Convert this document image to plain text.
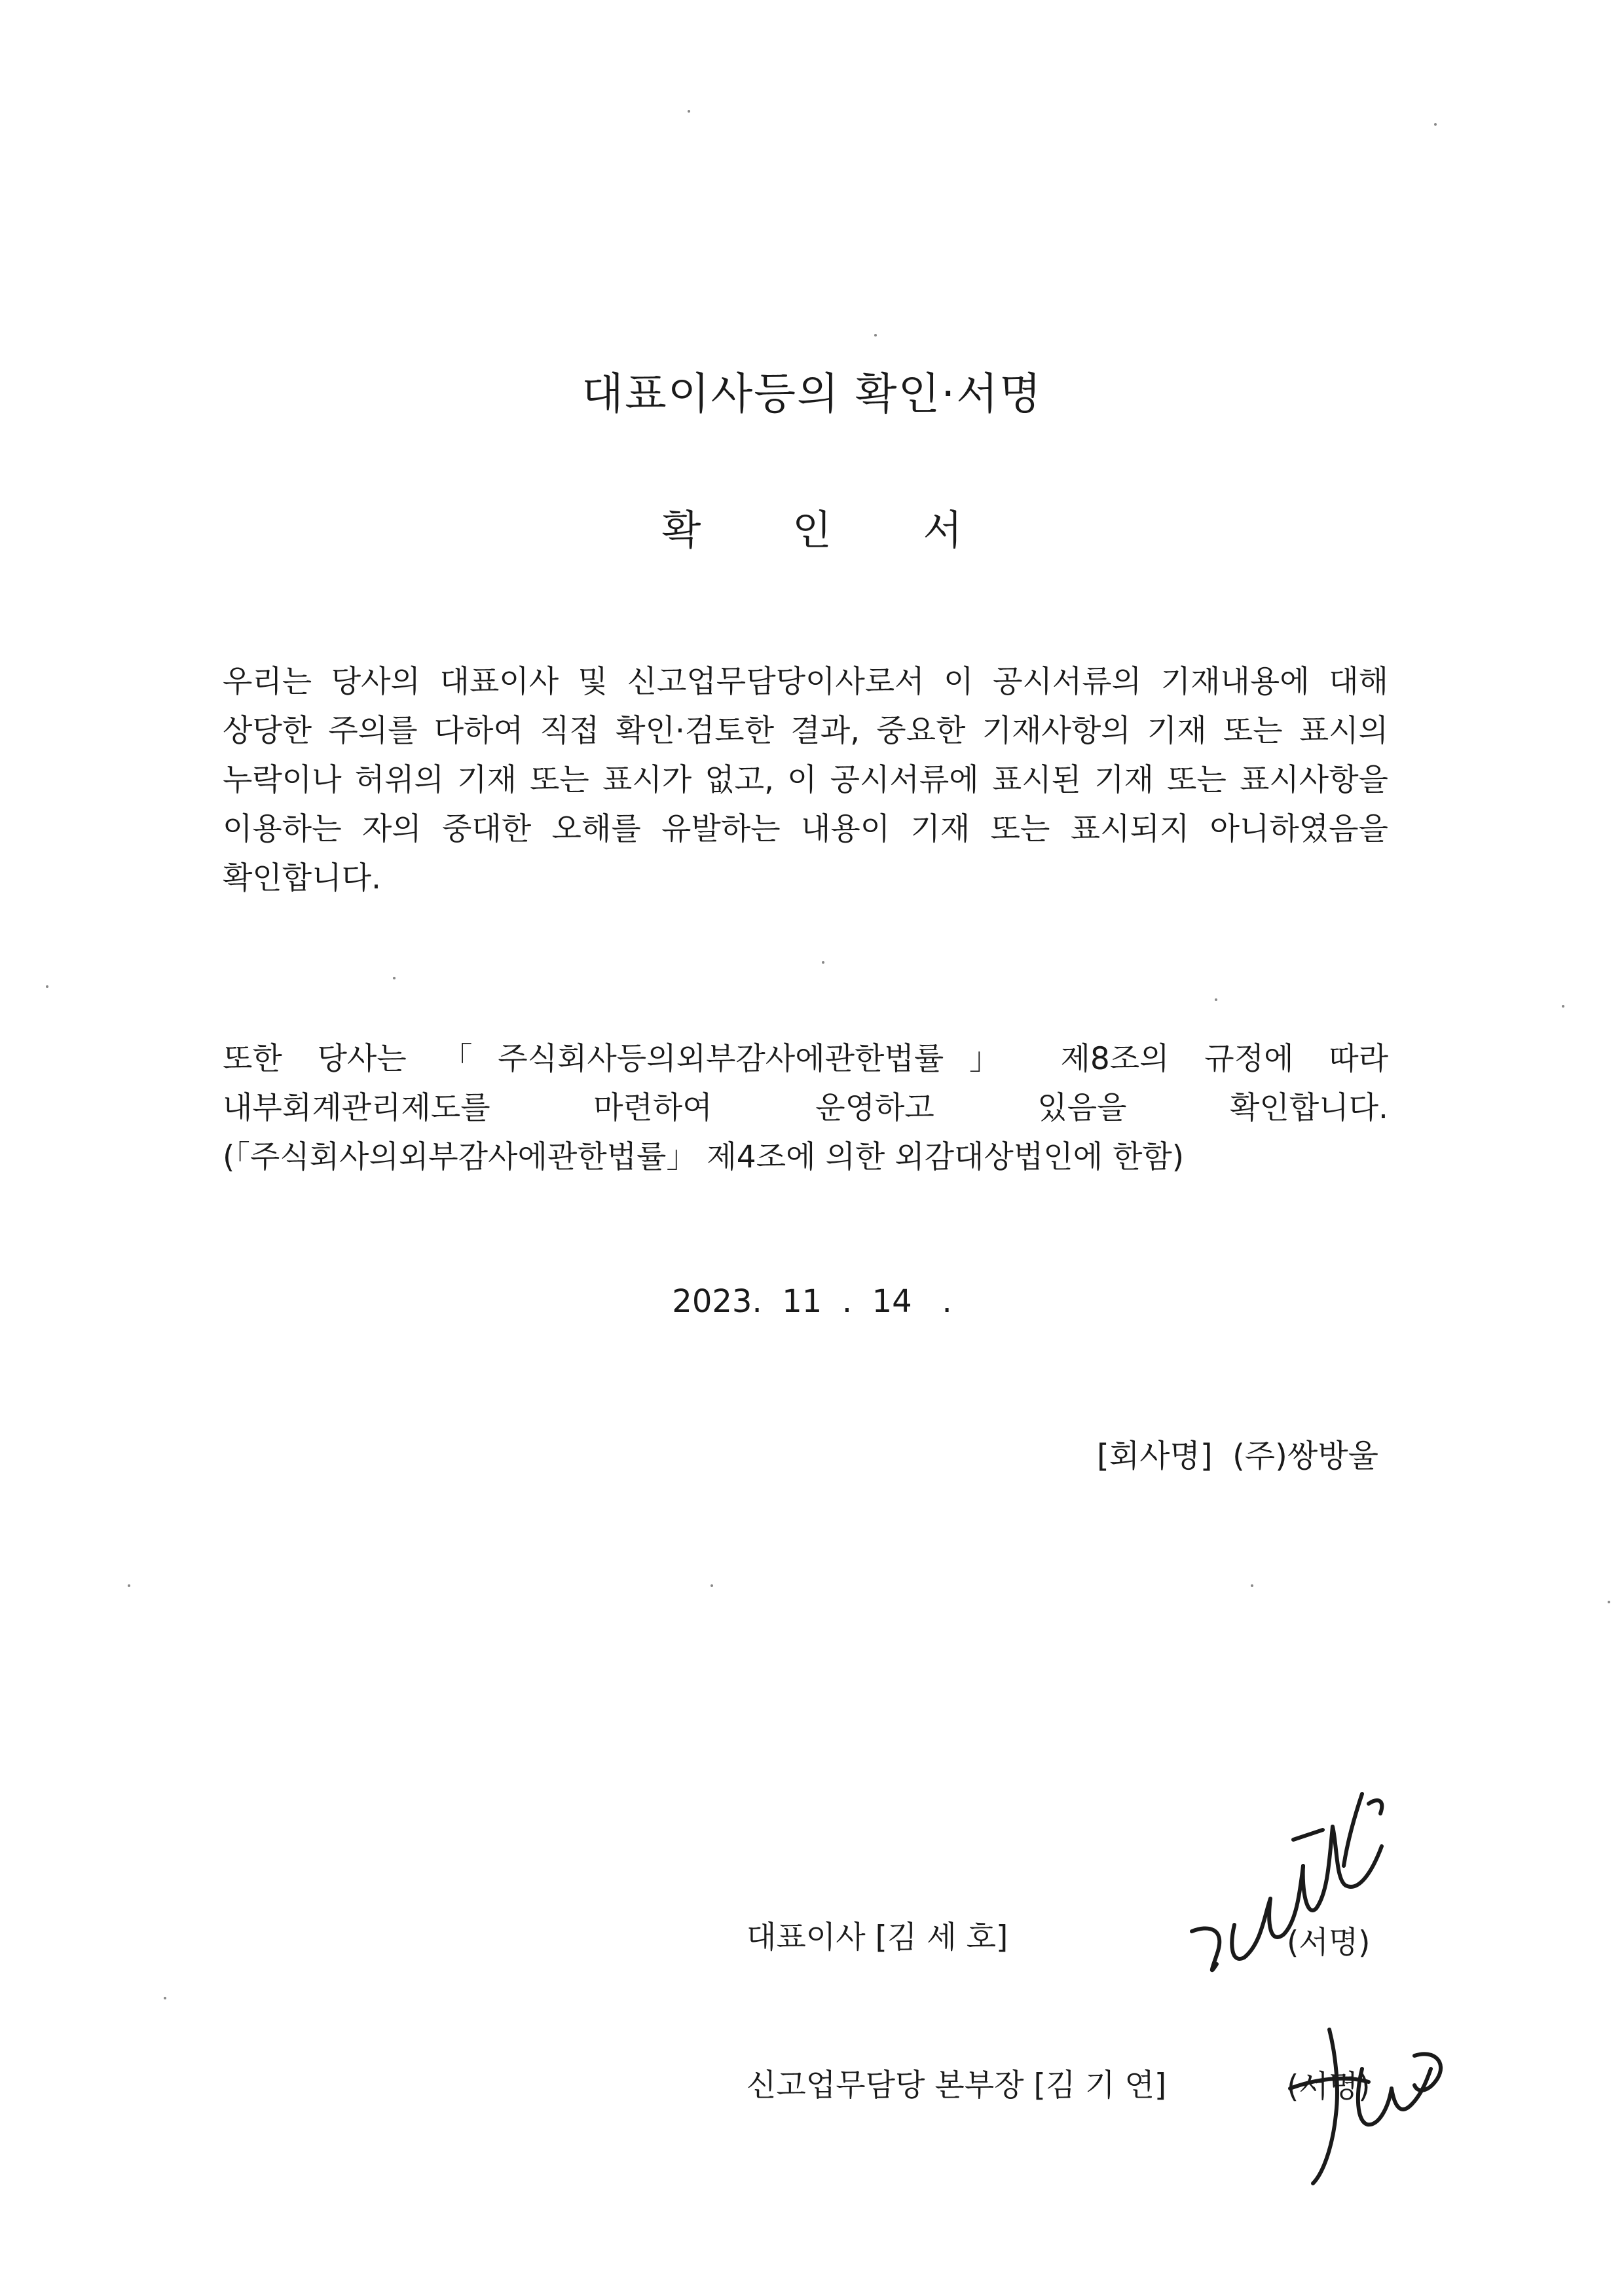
대표이사등의 확인·서명
확 인 서
우리는 당사의 대표이사 및 신고업무담당이사로서 이 공시서류의 기재내용에 대해 상당한 주의를 다하여 직접 확인·검토한 결과, 중요한 기재사항의 기재 또는 표시의 누락이나 허위의 기재 또는 표시가 없고, 이 공시서류에 표시된 기재 또는 표시사항을 이용하는 자의 중대한 오해를 유발하는 내용이 기재 또는 표시되지 아니하였음을 확인합니다.
또한 당사는 「주식회사등의외부감사에관한법률」 제8조의 규정에 따라 내부회계관리제도를 마련하여 운영하고 있음을 확인합니다.(「주식회사의외부감사에관한법률」 제4조에 의한 외감대상법인에 한함)
2023.  11  .  14   .
[회사명]  (주)쌍방울
대표이사 [김 세 호]	(서명)
신고업무담당 본부장 [김 기 연]	(서명)
